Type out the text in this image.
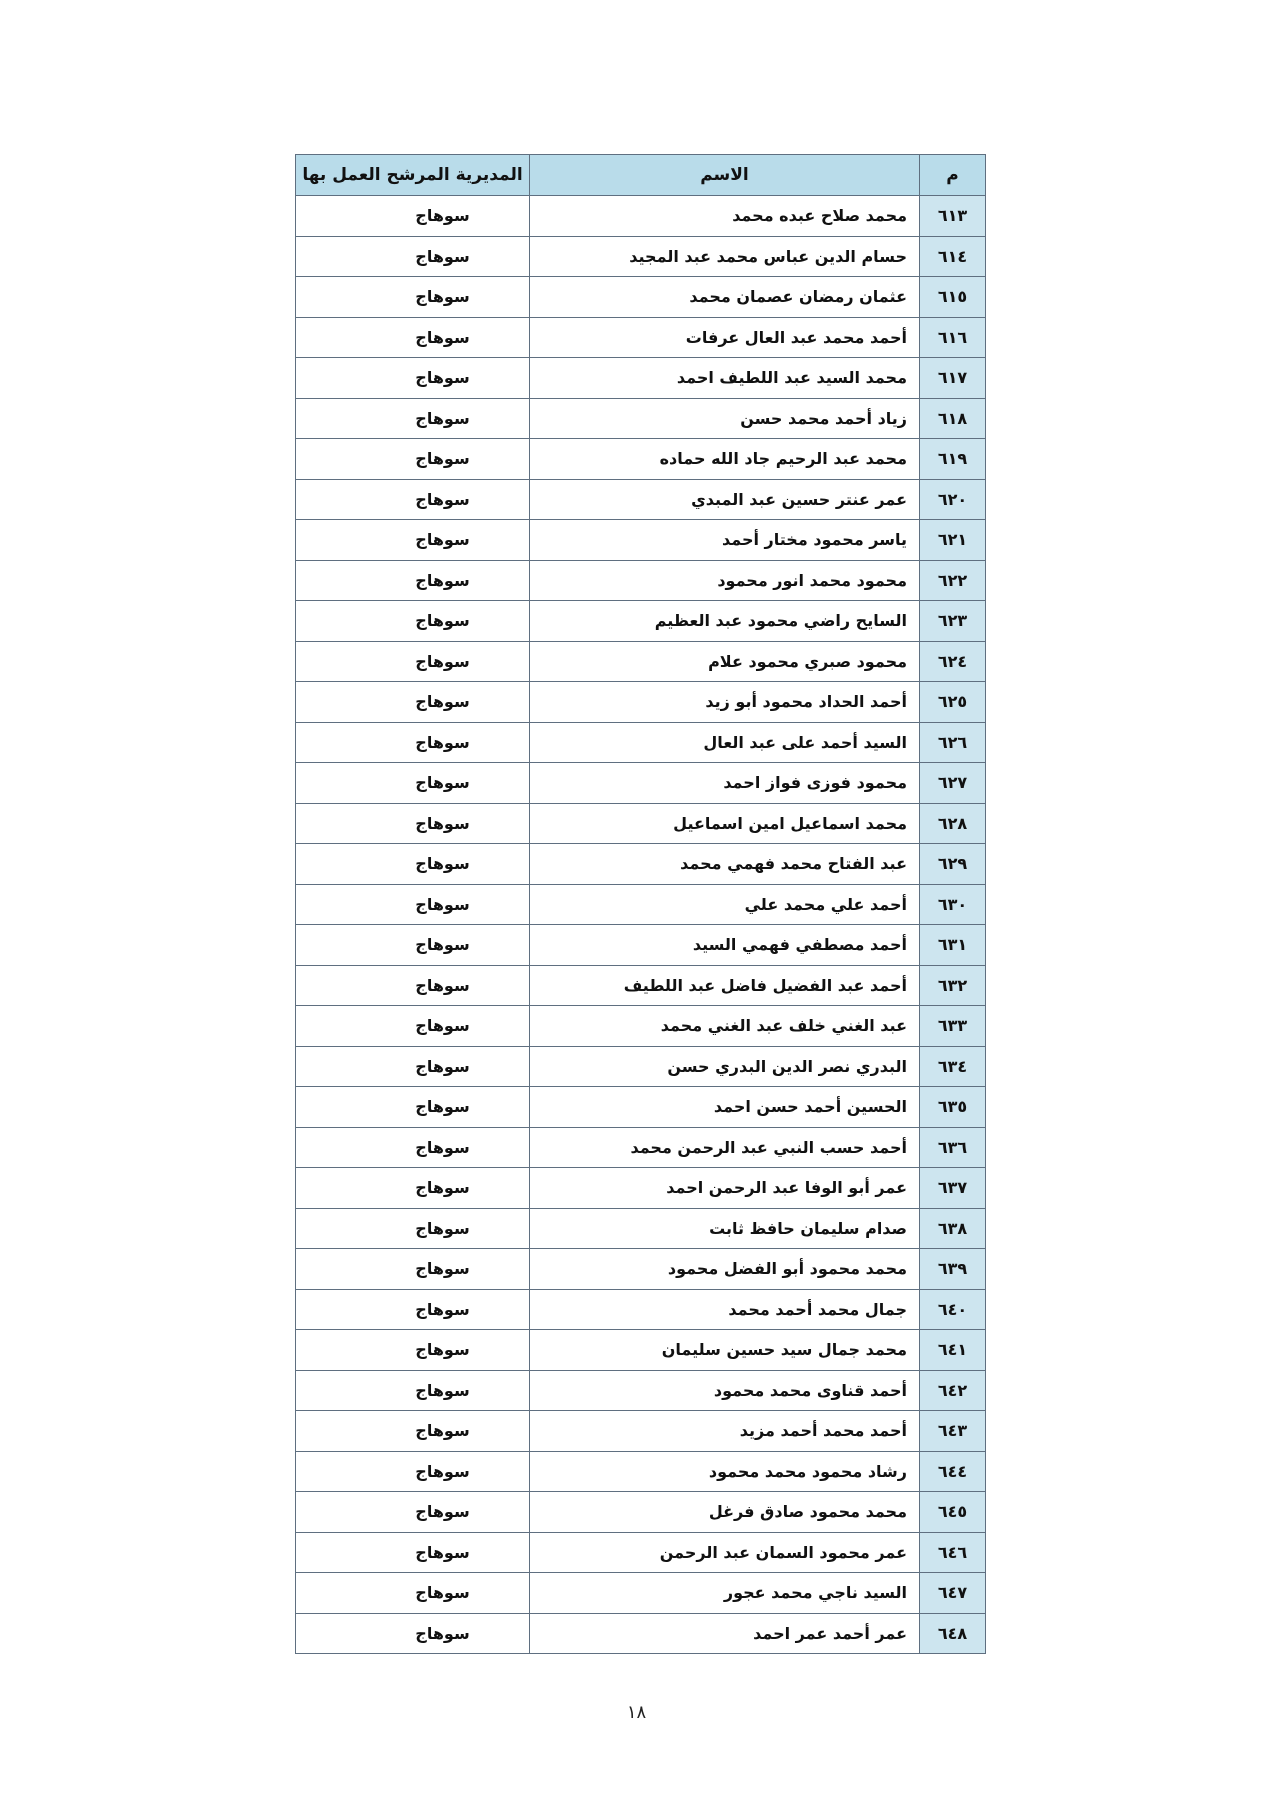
م	الاسم	المديرية المرشح العمل بها
٦١٣	محمد صلاح عبده محمد	سوهاج
٦١٤	حسام الدين عباس محمد عبد المجيد	سوهاج
٦١٥	عثمان رمضان عصمان محمد	سوهاج
٦١٦	أحمد محمد عبد العال عرفات	سوهاج
٦١٧	محمد السيد عبد اللطيف احمد	سوهاج
٦١٨	زياد أحمد محمد حسن	سوهاج
٦١٩	محمد عبد الرحيم جاد الله حماده	سوهاج
٦٢٠	عمر عنتر حسين عبد المبدي	سوهاج
٦٢١	ياسر محمود مختار أحمد	سوهاج
٦٢٢	محمود محمد انور محمود	سوهاج
٦٢٣	السايح راضي محمود عبد العظيم	سوهاج
٦٢٤	محمود صبري محمود علام	سوهاج
٦٢٥	أحمد الحداد محمود أبو زيد	سوهاج
٦٢٦	السيد أحمد على عبد العال	سوهاج
٦٢٧	محمود فوزى فواز احمد	سوهاج
٦٢٨	محمد اسماعيل امين اسماعيل	سوهاج
٦٢٩	عبد الفتاح محمد فهمي محمد	سوهاج
٦٣٠	أحمد علي محمد علي	سوهاج
٦٣١	أحمد مصطفي فهمي السيد	سوهاج
٦٣٢	أحمد عبد الفضيل فاضل عبد اللطيف	سوهاج
٦٣٣	عبد الغني خلف عبد الغني محمد	سوهاج
٦٣٤	البدري نصر الدين البدري حسن	سوهاج
٦٣٥	الحسين أحمد حسن احمد	سوهاج
٦٣٦	أحمد حسب النبي عبد الرحمن محمد	سوهاج
٦٣٧	عمر أبو الوفا عبد الرحمن احمد	سوهاج
٦٣٨	صدام سليمان حافظ ثابت	سوهاج
٦٣٩	محمد محمود أبو الفضل محمود	سوهاج
٦٤٠	جمال محمد أحمد محمد	سوهاج
٦٤١	محمد جمال سيد حسين سليمان	سوهاج
٦٤٢	أحمد قناوى محمد محمود	سوهاج
٦٤٣	أحمد محمد أحمد مزيد	سوهاج
٦٤٤	رشاد محمود محمد محمود	سوهاج
٦٤٥	محمد محمود صادق فرغل	سوهاج
٦٤٦	عمر محمود السمان عبد الرحمن	سوهاج
٦٤٧	السيد ناجي محمد عجور	سوهاج
٦٤٨	عمر أحمد عمر احمد	سوهاج
١٨
